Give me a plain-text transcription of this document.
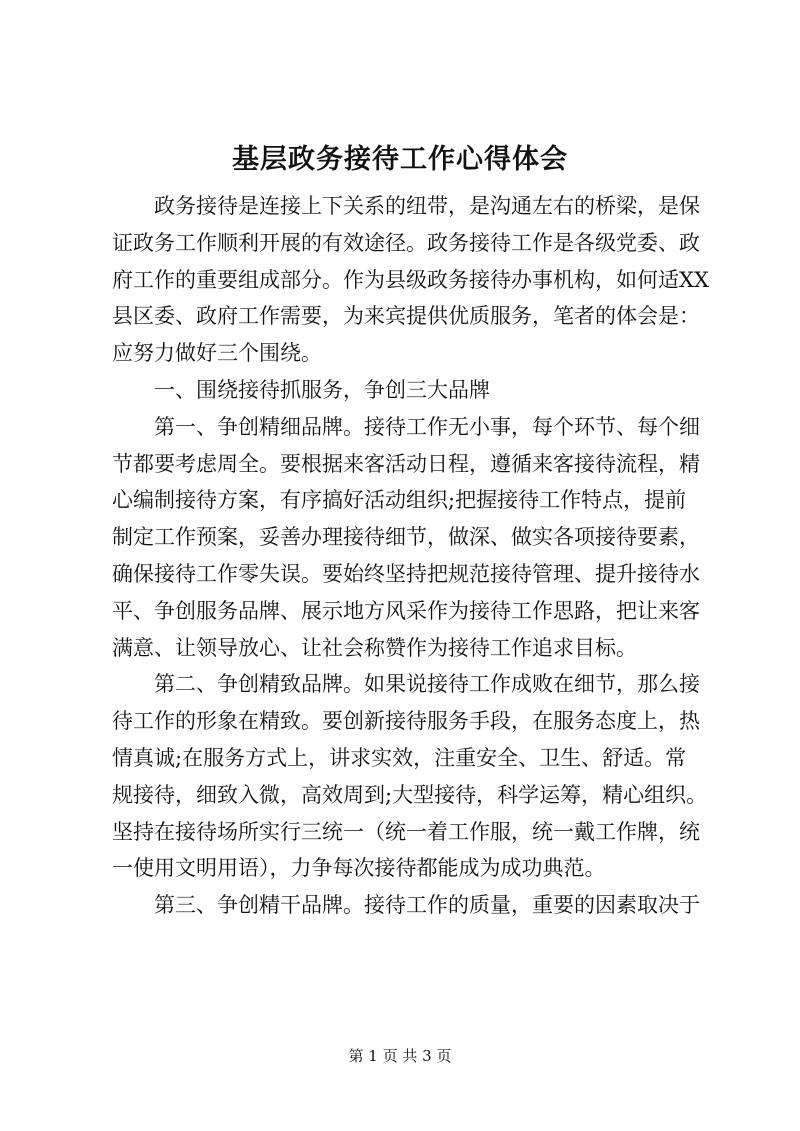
基层政务接待工作心得体会

政务接待是连接上下关系的纽带，是沟通左右的桥梁，是保
证政务工作顺利开展的有效途径。政务接待工作是各级党委、政
府工作的重要组成部分。作为县级政务接待办事机构，如何适XX
县区委、政府工作需要，为来宾提供优质服务，笔者的体会是：
应努力做好三个围绕。

一、围绕接待抓服务，争创三大品牌

第一、争创精细品牌。接待工作无小事，每个环节、每个细
节都要考虑周全。要根据来客活动日程，遵循来客接待流程，精
心编制接待方案，有序搞好活动组织;把握接待工作特点，提前
制定工作预案，妥善办理接待细节，做深、做实各项接待要素，
确保接待工作零失误。要始终坚持把规范接待管理、提升接待水
平、争创服务品牌、展示地方风采作为接待工作思路，把让来客
满意、让领导放心、让社会称赞作为接待工作追求目标。

第二、争创精致品牌。如果说接待工作成败在细节，那么接
待工作的形象在精致。要创新接待服务手段，在服务态度上，热
情真诚;在服务方式上，讲求实效，注重安全、卫生、舒适。常
规接待，细致入微，高效周到;大型接待，科学运筹，精心组织。
坚持在接待场所实行三统一（统一着工作服，统一戴工作牌，统
一使用文明用语），力争每次接待都能成为成功典范。

第三、争创精干品牌。接待工作的质量，重要的因素取决于

第 1 页 共 3 页
